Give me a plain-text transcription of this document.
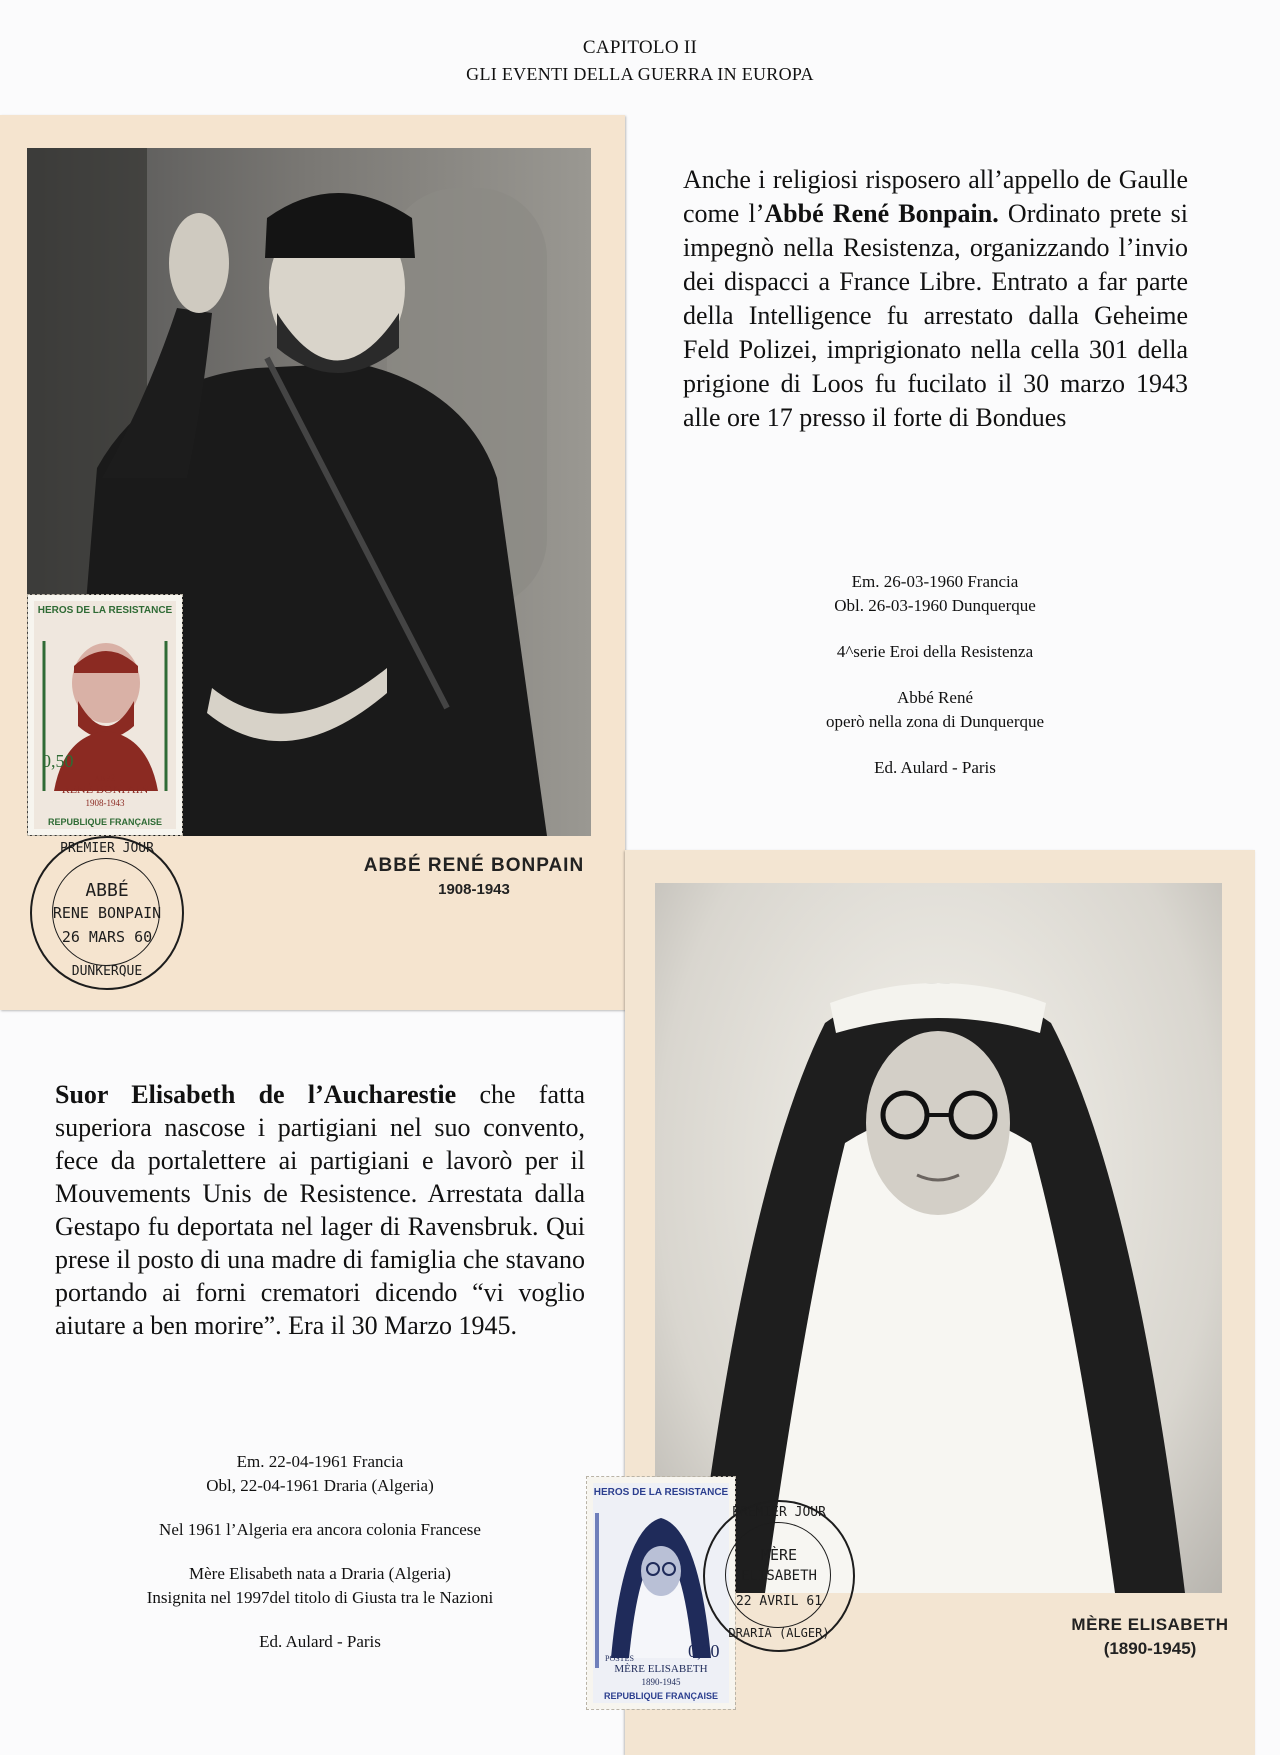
CAPITOLO II
GLI EVENTI DELLA GUERRA IN EUROPA

Anche i religiosi risposero all’appello de Gaulle come l’Abbé René Bonpain. Ordinato prete si impegnò nella Resistenza, organizzando l’invio dei dispacci a France Libre. Entrato a far parte della Intelligence fu arrestato dalla Geheime Feld Polizei, imprigionato nella cella 301 della prigione di Loos fu fucilato il 30 marzo 1943 alle ore 17 presso il forte di Bondues

Em. 26-03-1960 Francia
Obl. 26-03-1960 Dunquerque
4^serie Eroi della Resistenza
Abbé René
operò nella zona di Dunquerque
Ed. Aulard - Paris
HEROS DE LA RESISTANCE
0,50
ABBÉ
RENÉ BONPAIN
1908-1943
REPUBLIQUE FRANÇAISE
PREMIER JOUR
ABBÉ
RENE BONPAIN
26 MARS 60
DUNKERQUE
ABBÉ RENÉ BONPAIN
1908-1943
HEROS DE LA RESISTANCE
0,30
POSTES
MÈRE ELISABETH
1890-1945
REPUBLIQUE FRANÇAISE
PREMIER JOUR
MÈRE
ELISABETH
22 AVRIL 61
DRARIA (ALGER)	MÈRE ELISABETH
(1890-1945)

Suor Elisabeth de l’Aucharestie che fatta superiora nascose i partigiani nel suo convento, fece da portalettere ai partigiani e lavorò per il Mouvements Unis de Resistence. Arrestata dalla Gestapo fu deportata nel lager di Ravensbruk. Qui prese il posto di una madre di famiglia che stavano portando ai forni crematori dicendo “vi voglio aiutare a ben morire”. Era il 30 Marzo 1945.

Em. 22-04-1961 Francia
Obl, 22-04-1961 Draria (Algeria)
Nel 1961 l’Algeria era ancora colonia Francese
Mère Elisabeth nata a Draria (Algeria)
Insignita nel 1997del titolo di Giusta tra le Nazioni
Ed. Aulard - Paris
